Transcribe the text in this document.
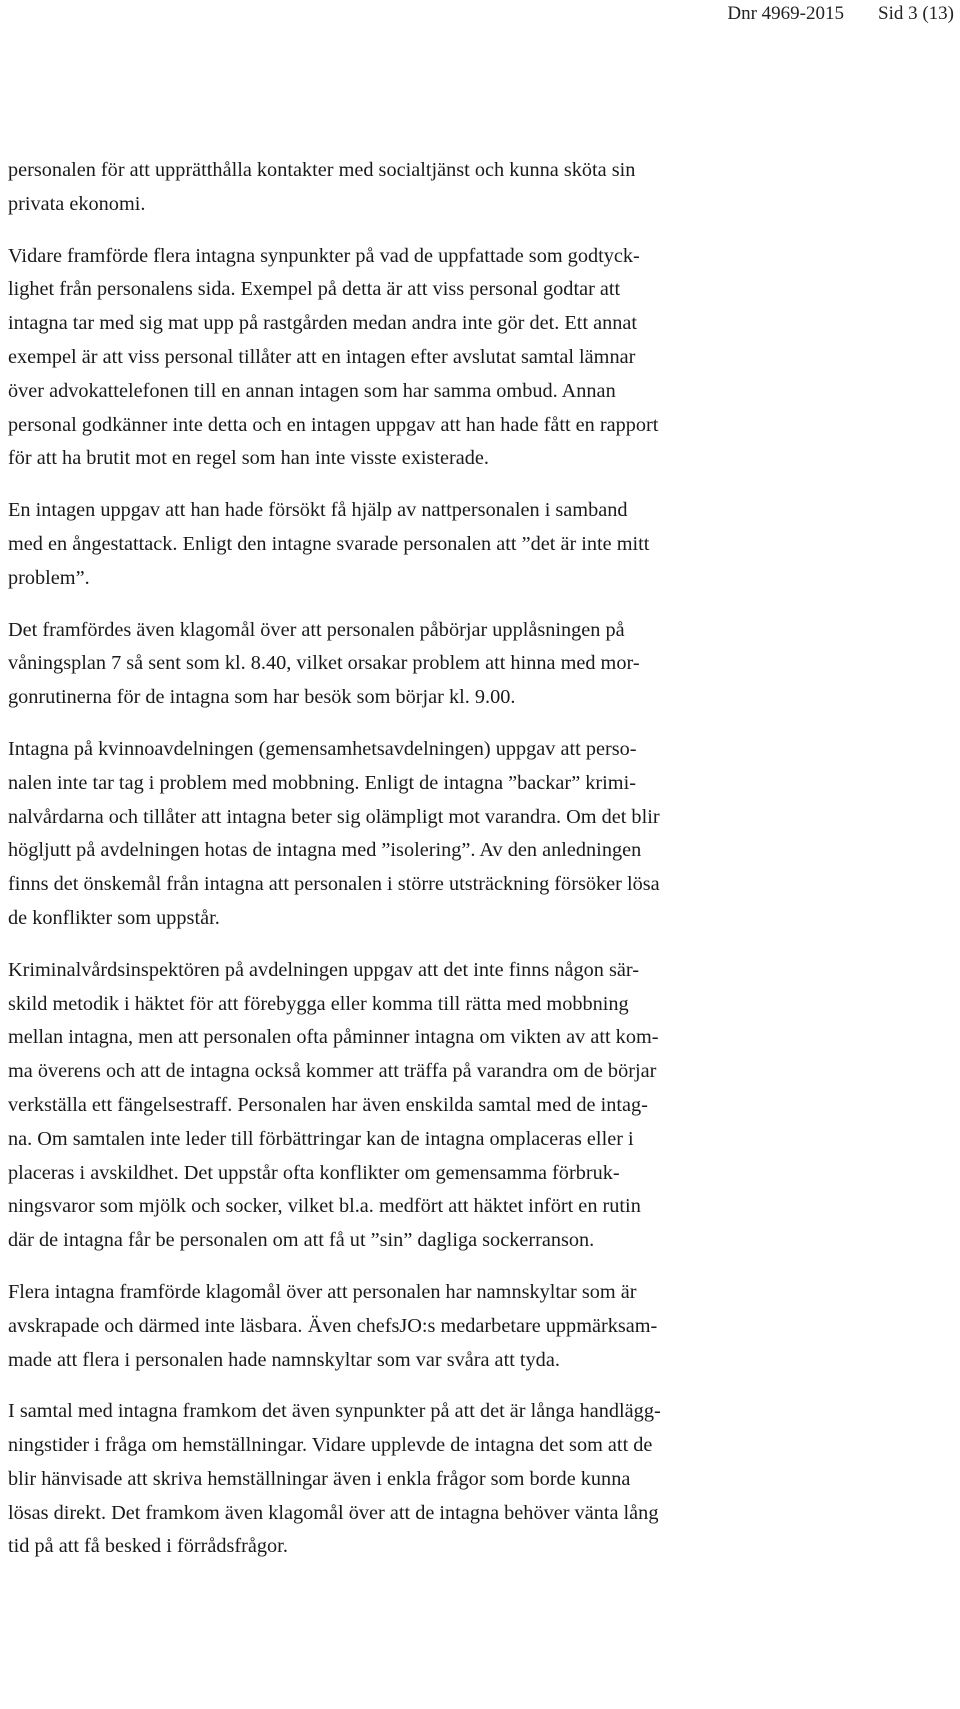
Dnr 4969-2015 Sid 3 (13)

personalen för att upprätthålla kontakter med socialtjänst och kunna sköta sin
privata ekonomi.

Vidare framförde flera intagna synpunkter på vad de uppfattade som godtyck-
lighet från personalens sida. Exempel på detta är att viss personal godtar att
intagna tar med sig mat upp på rastgården medan andra inte gör det. Ett annat
exempel är att viss personal tillåter att en intagen efter avslutat samtal lämnar
över advokattelefonen till en annan intagen som har samma ombud. Annan
personal godkänner inte detta och en intagen uppgav att han hade fått en rapport
för att ha brutit mot en regel som han inte visste existerade.

En intagen uppgav att han hade försökt få hjälp av nattpersonalen i samband
med en ångestattack. Enligt den intagne svarade personalen att ”det är inte mitt
problem”.

Det framfördes även klagomål över att personalen påbörjar upplåsningen på
våningsplan 7 så sent som kl. 8.40, vilket orsakar problem att hinna med mor-
gonrutinerna för de intagna som har besök som börjar kl. 9.00.

Intagna på kvinnoavdelningen (gemensamhetsavdelningen) uppgav att perso-
nalen inte tar tag i problem med mobbning. Enligt de intagna ”backar” krimi-
nalvårdarna och tillåter att intagna beter sig olämpligt mot varandra. Om det blir
högljutt på avdelningen hotas de intagna med ”isolering”. Av den anledningen
finns det önskemål från intagna att personalen i större utsträckning försöker lösa
de konflikter som uppstår.

Kriminalvårdsinspektören på avdelningen uppgav att det inte finns någon sär-
skild metodik i häktet för att förebygga eller komma till rätta med mobbning
mellan intagna, men att personalen ofta påminner intagna om vikten av att kom-
ma överens och att de intagna också kommer att träffa på varandra om de börjar
verkställa ett fängelsestraff. Personalen har även enskilda samtal med de intag-
na. Om samtalen inte leder till förbättringar kan de intagna omplaceras eller i
placeras i avskildhet. Det uppstår ofta konflikter om gemensamma förbruk-
ningsvaror som mjölk och socker, vilket bl.a. medfört att häktet infört en rutin
där de intagna får be personalen om att få ut ”sin” dagliga sockerranson.

Flera intagna framförde klagomål över att personalen har namnskyltar som är
avskrapade och därmed inte läsbara. Även chefsJO:s medarbetare uppmärksam-
made att flera i personalen hade namnskyltar som var svåra att tyda.

I samtal med intagna framkom det även synpunkter på att det är långa handlägg-
ningstider i fråga om hemställningar. Vidare upplevde de intagna det som att de
blir hänvisade att skriva hemställningar även i enkla frågor som borde kunna
lösas direkt. Det framkom även klagomål över att de intagna behöver vänta lång
tid på att få besked i förrådsfrågor.
